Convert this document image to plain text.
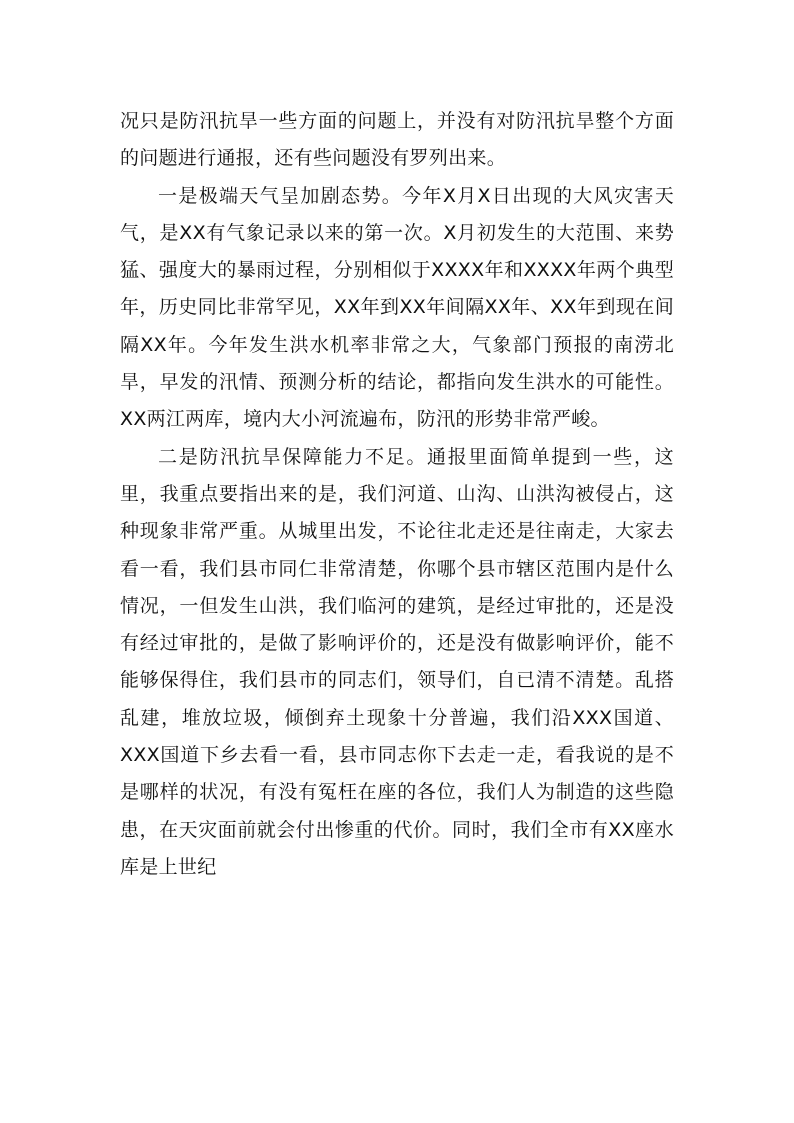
况只是防汛抗旱一些方面的问题上，并没有对防汛抗旱整个方面的问题进行通报，还有些问题没有罗列出来。

一是极端天气呈加剧态势。今年X月X日出现的大风灾害天气，是XX有气象记录以来的第一次。X月初发生的大范围、来势猛、强度大的暴雨过程，分别相似于XXXX年和XXXX年两个典型年，历史同比非常罕见，XX年到XX年间隔XX年、XX年到现在间隔XX年。今年发生洪水机率非常之大，气象部门预报的南涝北旱，早发的汛情、预测分析的结论，都指向发生洪水的可能性。XX两江两库，境内大小河流遍布，防汛的形势非常严峻。

二是防汛抗旱保障能力不足。通报里面简单提到一些，这里，我重点要指出来的是，我们河道、山沟、山洪沟被侵占，这种现象非常严重。从城里出发，不论往北走还是往南走，大家去看一看，我们县市同仁非常清楚，你哪个县市辖区范围内是什么情况，一但发生山洪，我们临河的建筑，是经过审批的，还是没有经过审批的，是做了影响评价的，还是没有做影响评价，能不能够保得住，我们县市的同志们，领导们，自已清不清楚。乱搭乱建，堆放垃圾，倾倒弃土现象十分普遍，我们沿XXX国道、XXX国道下乡去看一看，县市同志你下去走一走，看我说的是不是哪样的状况，有没有冤枉在座的各位，我们人为制造的这些隐患，在天灾面前就会付出惨重的代价。同时，我们全市有XX座水库是上世纪
